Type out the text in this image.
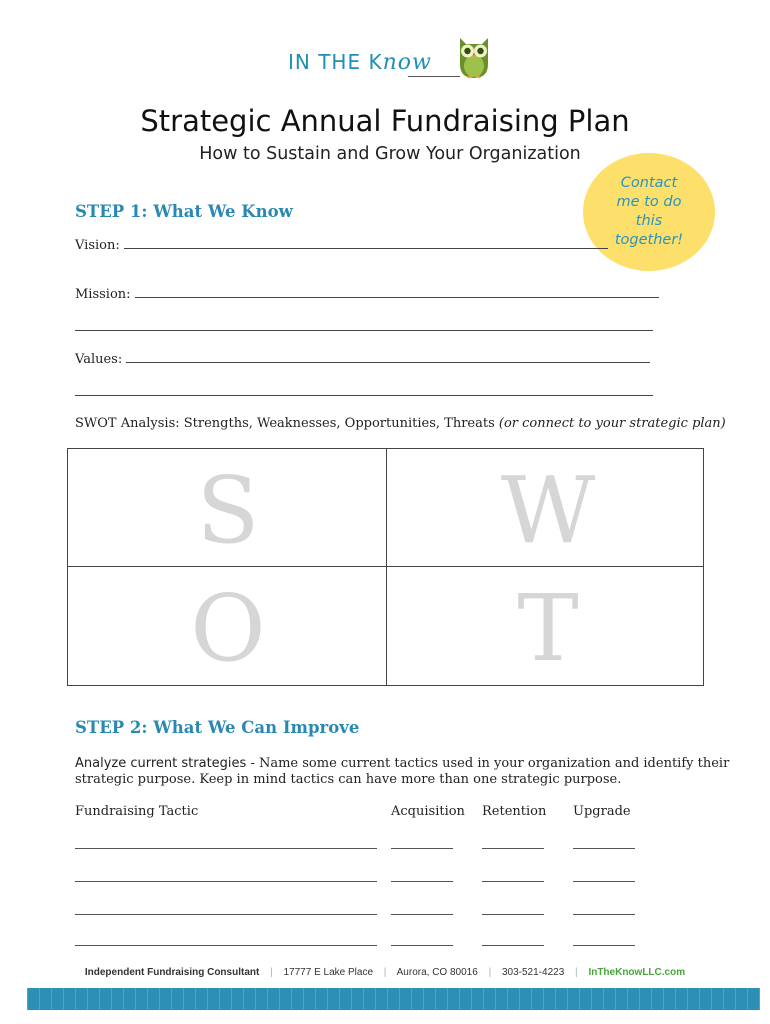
IN THE Know
Strategic Annual Fundraising Plan
How to Sustain and Grow Your Organization
Contact me to do this together!
STEP 1: What We Know
Vision:
Mission:
Values:
SWOT Analysis: Strengths, Weaknesses, Opportunities, Threats (or connect to your strategic plan)
S	W
O	T
STEP 2: What We Can Improve
Analyze current strategies - Name some current tactics used in your organization and identify their
strategic purpose. Keep in mind tactics can have more than one strategic purpose.
Fundraising Tactic	Acquisition Retention Upgrade
Independent Fundraising Consultant | 17777 E Lake Place | Aurora, CO 80016 | 303-521-4223 | InTheKnowLLC.com
